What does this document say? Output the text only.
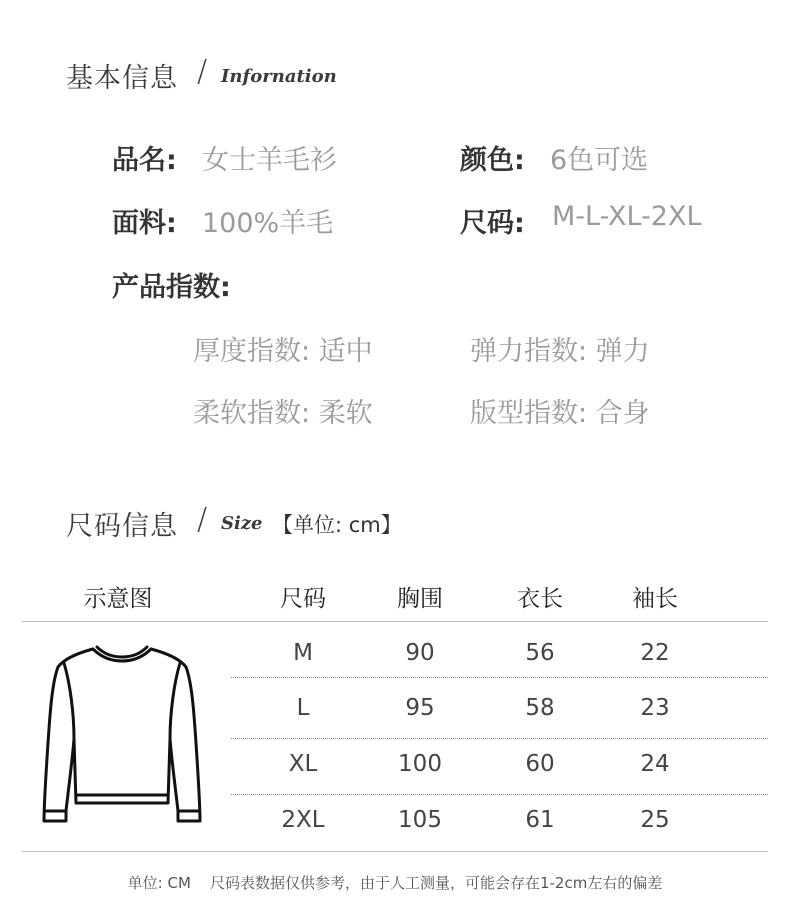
基本信息 / Infornation
品名: 女士羊毛衫	颜色: 6色可选
面料: 100%羊毛	尺码: M-L-XL-2XL
产品指数:
厚度指数: 适中	弹力指数: 弹力
柔软指数: 柔软	版型指数: 合身
尺码信息 / Size 【单位: cm】
示意图	尺码	胸围	衣长	袖长
M	90	56	22
L	95	58	23
XL	100	60	24
2XL	105	61	25
单位: CM    尺码表数据仅供参考，由于人工测量，可能会存在1-2cm左右的偏差
